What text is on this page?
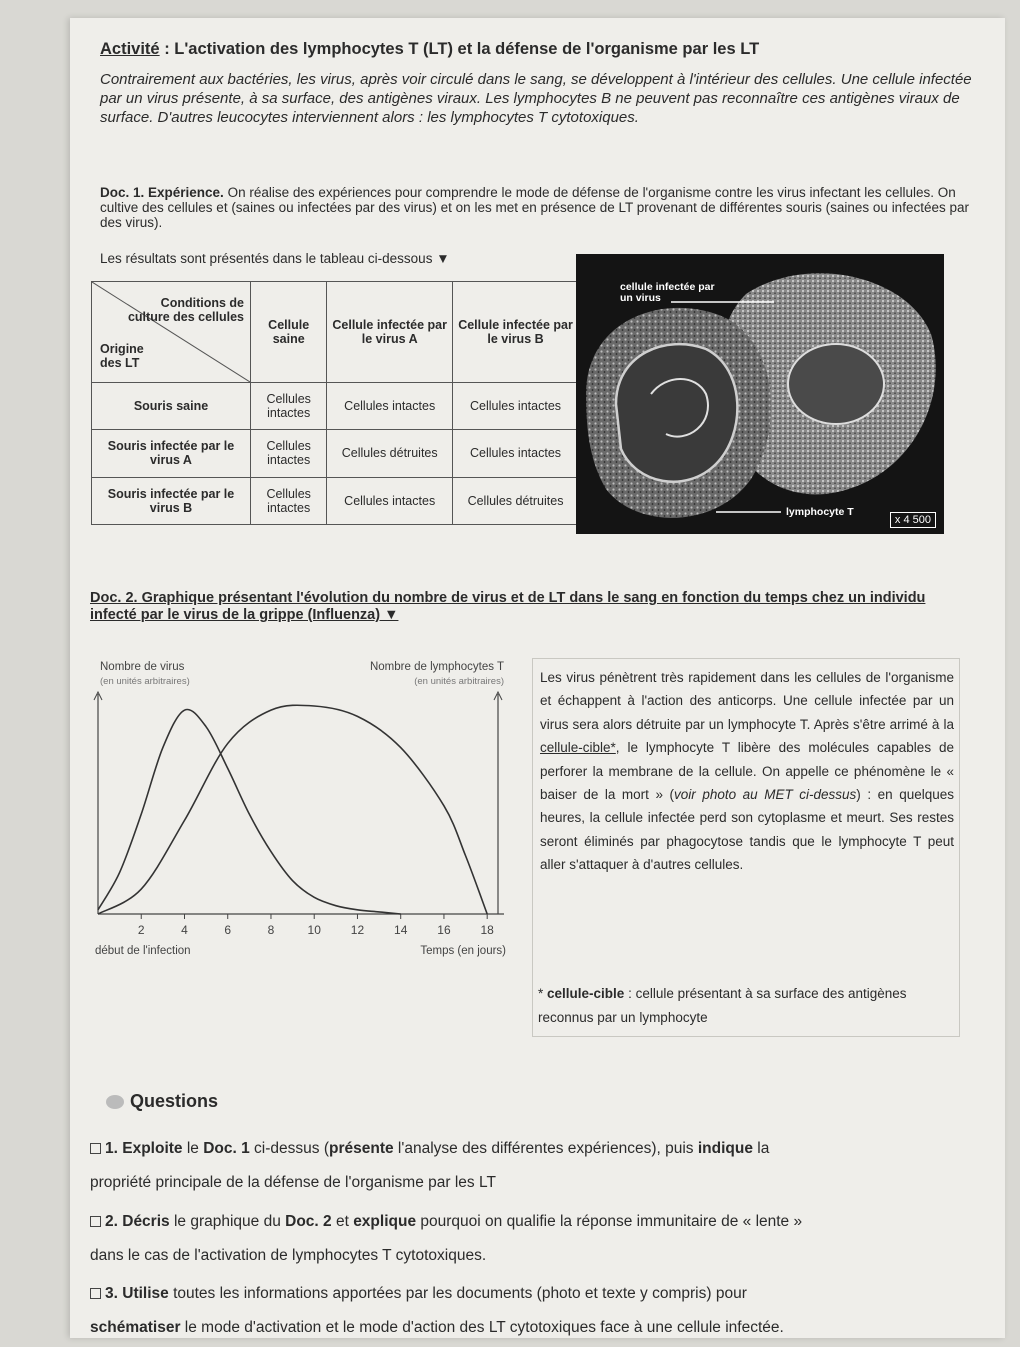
Activité : L'activation des lymphocytes T (LT) et la défense de l'organisme par les LT
Contrairement aux bactéries, les virus, après voir circulé dans le sang, se développent à l'intérieur des cellules. Une cellule infectée par un virus présente, à sa surface, des antigènes viraux. Les lymphocytes B ne peuvent pas reconnaître ces antigènes viraux de surface. D'autres leucocytes interviennent alors : les lymphocytes T cytotoxiques.
Doc. 1. Expérience. On réalise des expériences pour comprendre le mode de défense de l'organisme contre les virus infectant les cellules. On cultive des cellules et (saines ou infectées par des virus) et on les met en présence de LT provenant de différentes souris (saines ou infectées par des virus).
Les résultats sont présentés dans le tableau ci-dessous ▼
Conditions de culture des cellules
Origine des LT	Cellule saine	Cellule infectée par le virus A	Cellule infectée par le virus B
Souris saine	Cellules intactes	Cellules intactes	Cellules intactes
Souris infectée par le virus A	Cellules intactes	Cellules détruites	Cellules intactes
Souris infectée par le virus B	Cellules intactes	Cellules intactes	Cellules détruites
cellule infectée par un virus
lymphocyte T
x 4 500
Doc. 2. Graphique présentant l'évolution du nombre de virus et de LT dans le sang en fonction du temps chez un individu infecté par le virus de la grippe (Influenza) ▼
Nombre de virus
(en unités arbitraires)
Nombre de lymphocytes T
(en unités arbitraires)
2	4	6	8	10 12 14 16 18
début de l'infection	Temps (en jours)
Les virus pénètrent très rapidement dans les cellules de l'organisme et échappent à l'action des anticorps. Une cellule infectée par un virus sera alors détruite par un lymphocyte T. Après s'être arrimé à la cellule-cible*, le lymphocyte T libère des molécules capables de perforer la membrane de la cellule. On appelle ce phénomène le « baiser de la mort » (voir photo au MET ci-dessus) : en quelques heures, la cellule infectée perd son cytoplasme et meurt. Ses restes seront éliminés par phagocytose tandis que le lymphocyte T peut aller s'attaquer à d'autres cellules.
* cellule-cible : cellule présentant à sa surface des antigènes reconnus par un lymphocyte
Questions
1. Exploite le Doc. 1 ci-dessus (présente l'analyse des différentes expériences), puis indique la
propriété principale de la défense de l'organisme par les LT
2. Décris le graphique du Doc. 2 et explique pourquoi on qualifie la réponse immunitaire de « lente »
dans le cas de l'activation de lymphocytes T cytotoxiques.
3. Utilise toutes les informations apportées par les documents (photo et texte y compris) pour
schématiser le mode d'activation et le mode d'action des LT cytotoxiques face à une cellule infectée.
